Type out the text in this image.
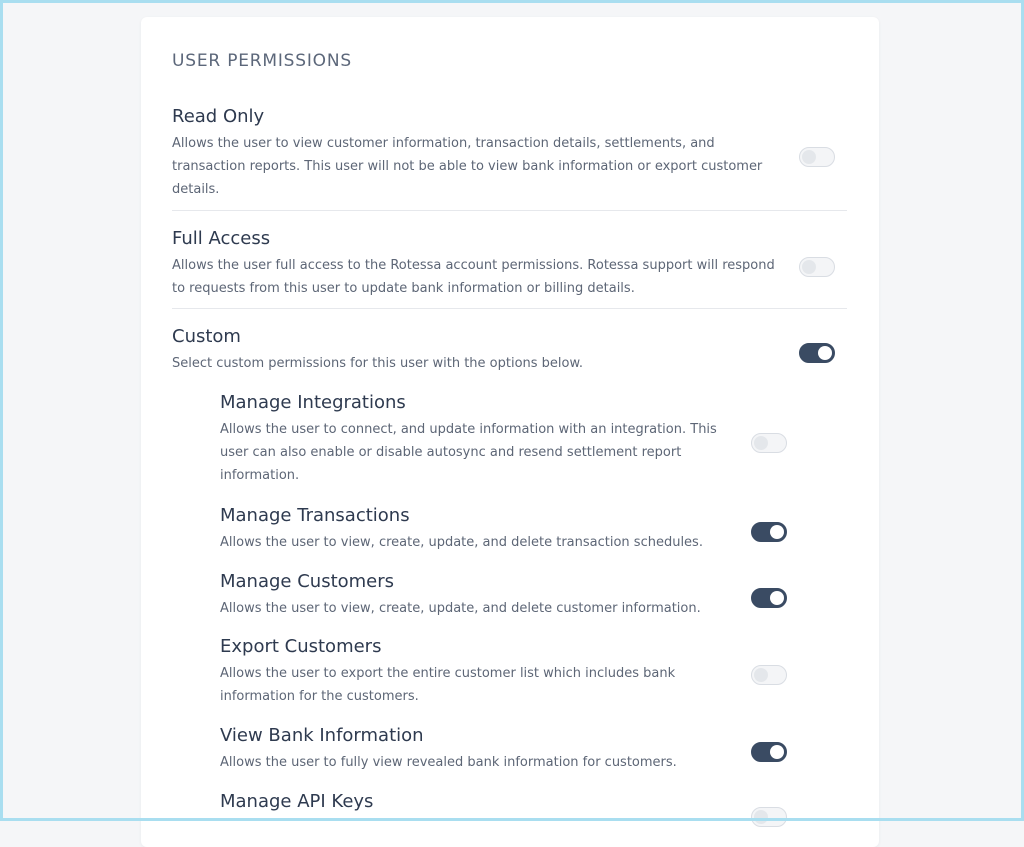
USER PERMISSIONS
Read Only
Allows the user to view customer information, transaction details, settlements, and
transaction reports. This user will not be able to view bank information or export customer
details.
Full Access
Allows the user full access to the Rotessa account permissions. Rotessa support will respond
to requests from this user to update bank information or billing details.
Custom
Select custom permissions for this user with the options below.
Manage Integrations
Allows the user to connect, and update information with an integration. This
user can also enable or disable autosync and resend settlement report
information.
Manage Transactions
Allows the user to view, create, update, and delete transaction schedules.
Manage Customers
Allows the user to view, create, update, and delete customer information.
Export Customers
Allows the user to export the entire customer list which includes bank
information for the customers.
View Bank Information
Allows the user to fully view revealed bank information for customers.
Manage API Keys
